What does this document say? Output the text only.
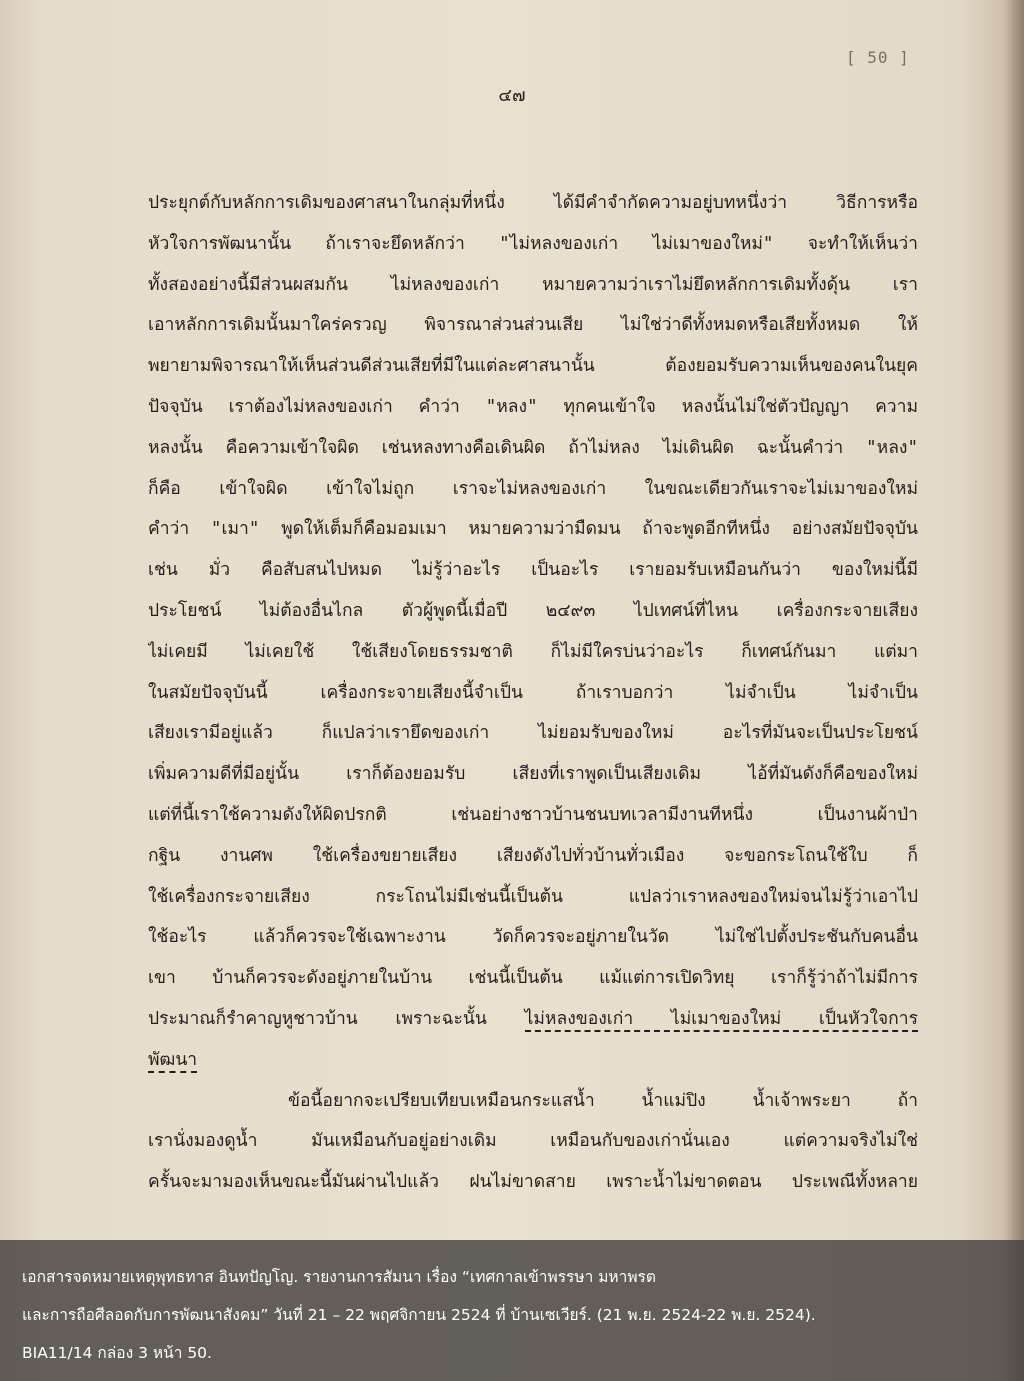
[ 50 ]
๔๗
ประยุกต์กับหลักการเดิมของศาสนาในกลุ่มที่หนึ่ง ได้มีคำจำกัดความอยู่บทหนึ่งว่า วิธีการหรือ
หัวใจการพัฒนานั้น ถ้าเราจะยึดหลักว่า "ไม่หลงของเก่า ไม่เมาของใหม่" จะทำให้เห็นว่า
ทั้งสองอย่างนี้มีส่วนผสมกัน ไม่หลงของเก่า หมายความว่าเราไม่ยึดหลักการเดิมทั้งดุ้น เรา
เอาหลักการเดิมนั้นมาใคร่ครวญ พิจารณาส่วนส่วนเสีย ไม่ใช่ว่าดีทั้งหมดหรือเสียทั้งหมด ให้
พยายามพิจารณาให้เห็นส่วนดีส่วนเสียที่มีในแต่ละศาสนานั้น ต้องยอมรับความเห็นของคนในยุค
ปัจจุบัน เราต้องไม่หลงของเก่า คำว่า "หลง" ทุกคนเข้าใจ หลงนั้นไม่ใช่ตัวปัญญา ความ
หลงนั้น คือความเข้าใจผิด เช่นหลงทางคือเดินผิด ถ้าไม่หลง ไม่เดินผิด ฉะนั้นคำว่า "หลง"
ก็คือ เข้าใจผิด เข้าใจไม่ถูก เราจะไม่หลงของเก่า ในขณะเดียวกันเราจะไม่เมาของใหม่
คำว่า "เมา" พูดให้เต็มก็คือมอมเมา หมายความว่ามืดมน ถ้าจะพูดอีกทีหนึ่ง อย่างสมัยปัจจุบัน
เช่น มั่ว คือสับสนไปหมด ไม่รู้ว่าอะไร เป็นอะไร เรายอมรับเหมือนกันว่า ของใหม่นี้มี
ประโยชน์ ไม่ต้องอื่นไกล ตัวผู้พูดนี้เมื่อปี ๒๔๙๓ ไปเทศน์ที่ไหน เครื่องกระจายเสียง
ไม่เคยมี ไม่เคยใช้ ใช้เสียงโดยธรรมชาติ ก็ไม่มีใครบ่นว่าอะไร ก็เทศน์กันมา แต่มา
ในสมัยปัจจุบันนี้ เครื่องกระจายเสียงนี้จำเป็น ถ้าเราบอกว่า ไม่จำเป็น ไม่จำเป็น
เสียงเรามีอยู่แล้ว ก็แปลว่าเรายึดของเก่า ไม่ยอมรับของใหม่ อะไรที่มันจะเป็นประโยชน์
เพิ่มความดีที่มีอยู่นั้น เราก็ต้องยอมรับ เสียงที่เราพูดเป็นเสียงเดิม ไอ้ที่มันดังก็คือของใหม่
แต่ที่นี้เราใช้ความดังให้ผิดปรกติ เช่นอย่างชาวบ้านชนบทเวลามีงานทีหนึ่ง เป็นงานผ้าป่า
กฐิน งานศพ ใช้เครื่องขยายเสียง เสียงดังไปทั่วบ้านทั่วเมือง จะขอกระโถนใช้ใบ ก็
ใช้เครื่องกระจายเสียง กระโถนไม่มีเช่นนี้เป็นต้น แปลว่าเราหลงของใหม่จนไม่รู้ว่าเอาไป
ใช้อะไร แล้วก็ควรจะใช้เฉพาะงาน วัดก็ควรจะอยู่ภายในวัด ไม่ใช่ไปตั้งประชันกับคนอื่น
เขา บ้านก็ควรจะดังอยู่ภายในบ้าน เช่นนี้เป็นต้น แม้แต่การเปิดวิทยุ เราก็รู้ว่าถ้าไม่มีการ
ประมาณก็รำคาญหูชาวบ้าน เพราะฉะนั้น ไม่หลงของเก่า ไม่เมาของใหม่ เป็นหัวใจการ
พัฒนา
ข้อนี้อยากจะเปรียบเทียบเหมือนกระแสน้ำ น้ำแม่ปิง น้ำเจ้าพระยา ถ้า
เรานั่งมองดูน้ำ มันเหมือนกับอยู่อย่างเดิม เหมือนกับของเก่านั่นเอง แต่ความจริงไม่ใช่
ครั้นจะมามองเห็นขณะนี้มันผ่านไปแล้ว ฝนไม่ขาดสาย เพราะน้ำไม่ขาดตอน ประเพณีทั้งหลาย
เอกสารจดหมายเหตุพุทธทาส อินทปัญโญ. รายงานการสัมนา เรื่อง “เทศกาลเข้าพรรษา มหาพรต
และการถือศีลอดกับการพัฒนาสังคม” วันที่ 21 – 22 พฤศจิกายน 2524 ที่ บ้านเซเวียร์. (21 พ.ย. 2524-22 พ.ย. 2524).
BIA11/14 กล่อง 3 หน้า 50.
